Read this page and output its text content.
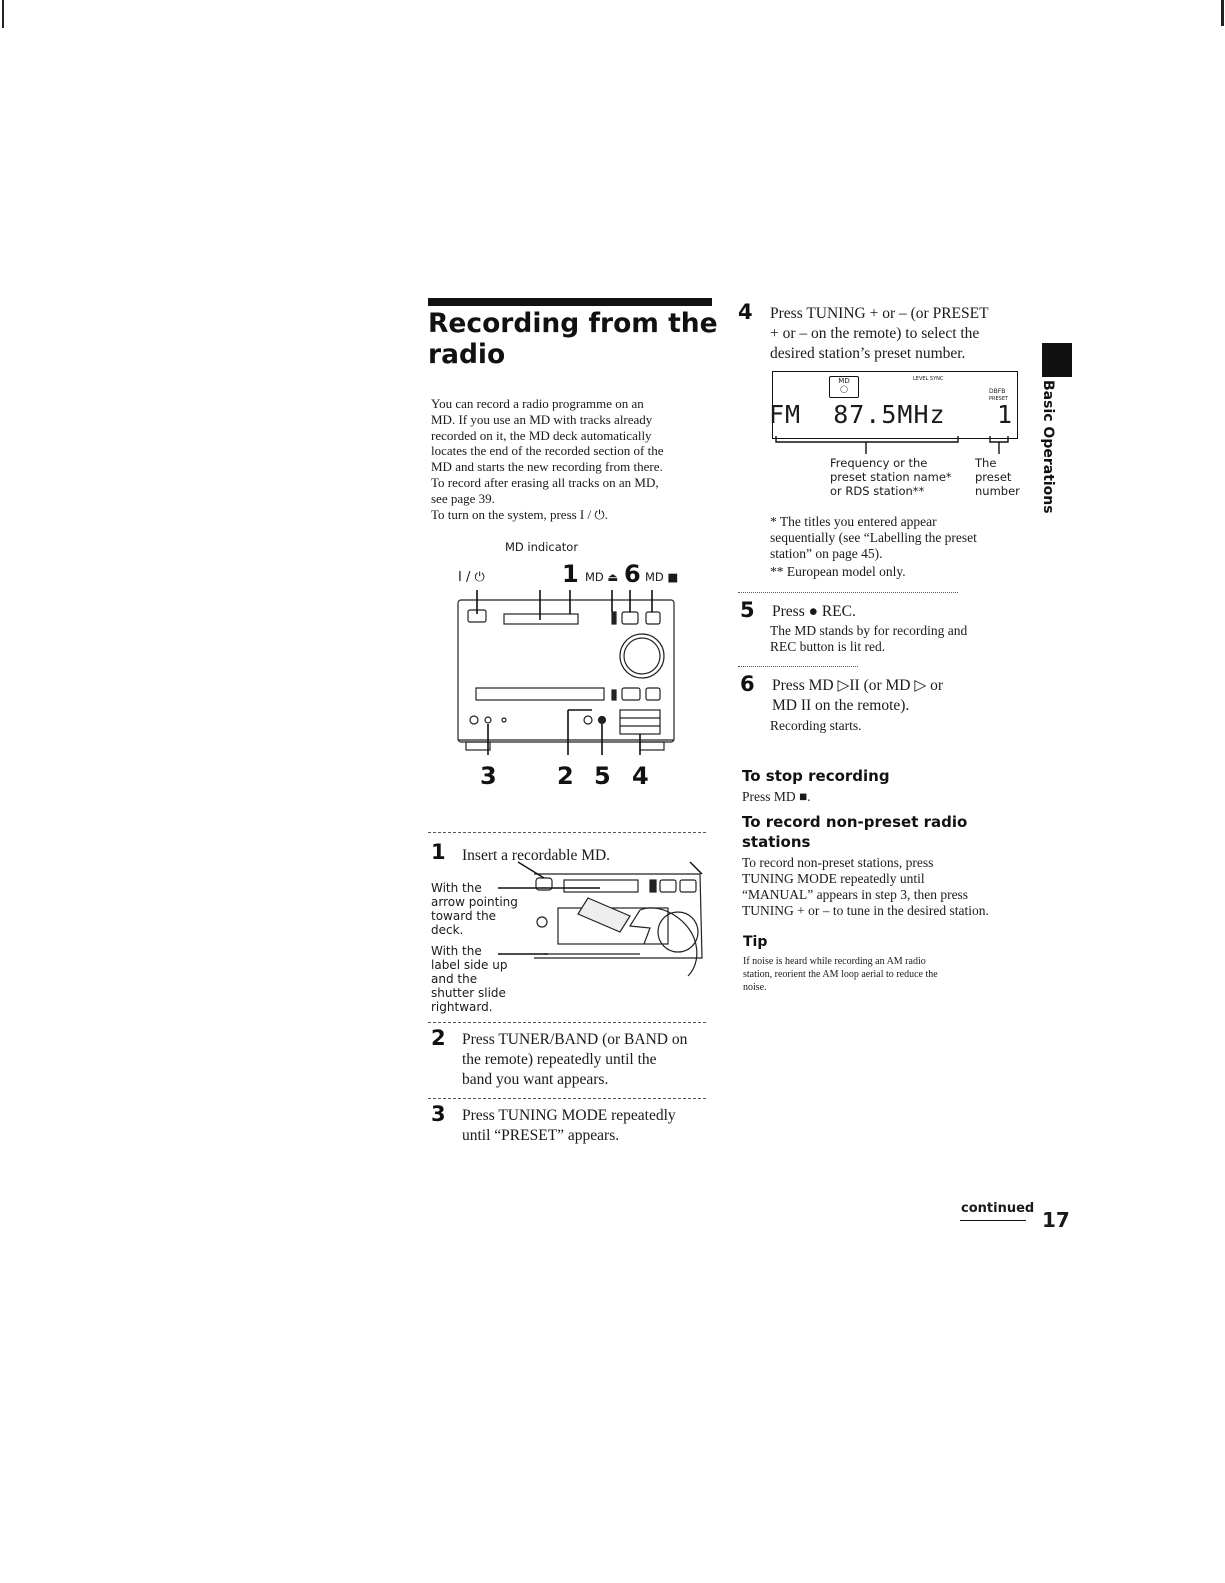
Recording from the radio

You can record a radio programme on an

MD. If you use an MD with tracks already

recorded on it, the MD deck automatically

locates the end of the recorded section of the

MD and starts the new recording from there.

To record after erasing all tracks on an MD,

see page 39.

To turn on the system, press I / ⏻.

MD indicator
I / ⏻	1 MD ⏏ 6 MD ■
3	2 5 4
1 Insert a recordable MD.
With the
arrow pointing
toward the
deck.
With the
label side up
and the
shutter slide
rightward.
2 Press TUNER/BAND (or BAND on
the remote) repeatedly until the
band you want appears.
3 Press TUNING MODE repeatedly
until “PRESET” appears.
4 Press TUNING + or – (or PRESET
+ or – on the remote) to select the
desired station’s preset number.
MD
◯
LEVEL SYNC
DBFB
PRESET
FM  87.5MHz 1
Frequency or the
preset station name*
or RDS station**
The
preset
number
* The titles you entered appear
sequentially (see “Labelling the preset
station” on page 45).
** European model only.
5 Press ● REC.
The MD stands by for recording and
REC button is lit red.
6 Press MD ▷II (or MD ▷ or
MD II on the remote).
Recording starts.
To stop recording
Press MD ■.
To record non-preset radio
stations
To record non-preset stations, press
TUNING MODE repeatedly until
“MANUAL” appears in step 3, then press
TUNING + or – to tune in the desired station.
Tip
If noise is heard while recording an AM radio
station, reorient the AM loop aerial to reduce the
noise.
Basic Operations
continued 17
